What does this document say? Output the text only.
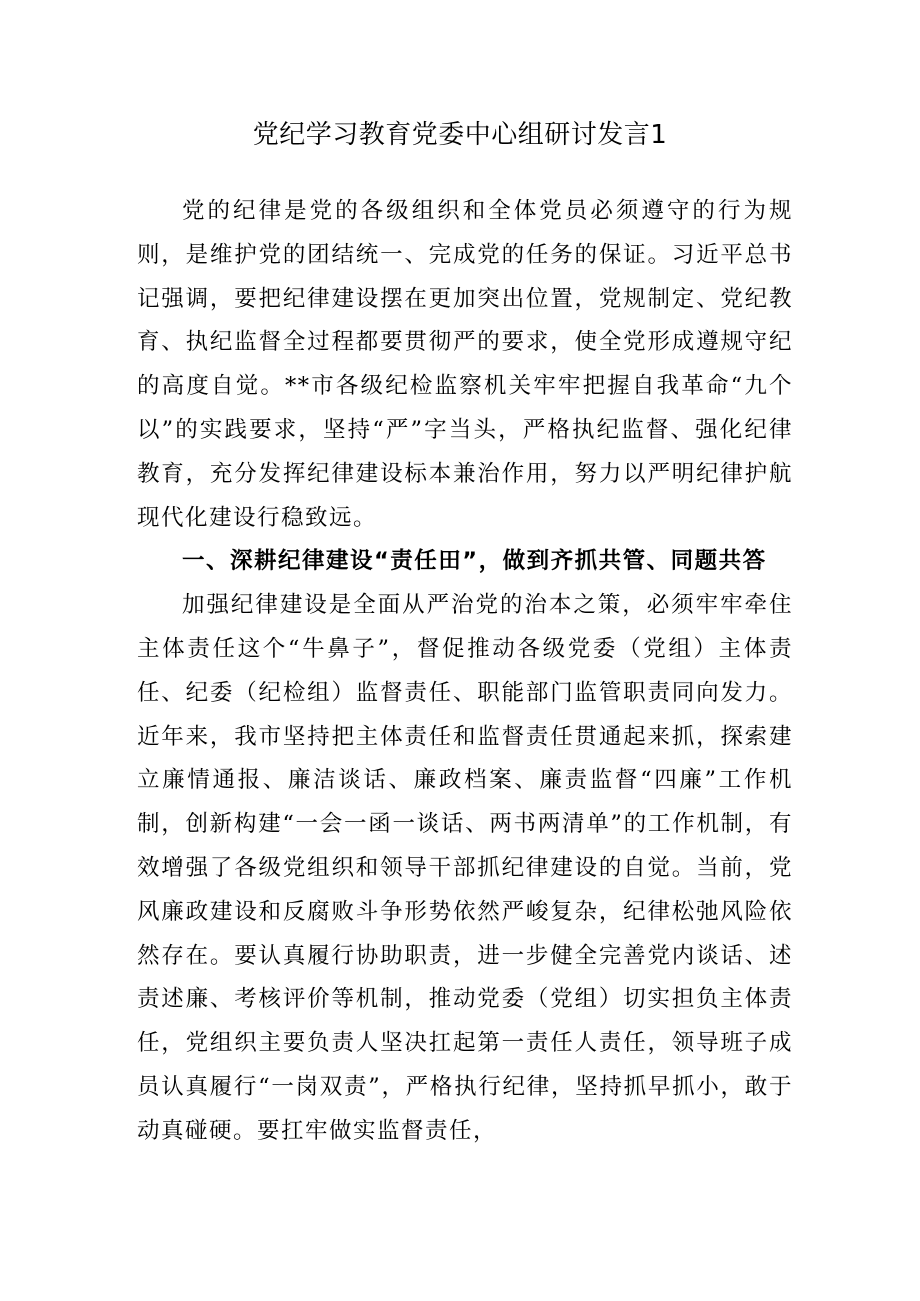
党纪学习教育党委中心组研讨发言1

党的纪律是党的各级组织和全体党员必须遵守的行为规则，是维护党的团结统一、完成党的任务的保证。习近平总书记强调，要把纪律建设摆在更加突出位置，党规制定、党纪教育、执纪监督全过程都要贯彻严的要求，使全党形成遵规守纪的高度自觉。**市各级纪检监察机关牢牢把握自我革命“九个以”的实践要求，坚持“严”字当头，严格执纪监督、强化纪律教育，充分发挥纪律建设标本兼治作用，努力以严明纪律护航现代化建设行稳致远。

一、深耕纪律建设“责任田”，做到齐抓共管、同题共答

加强纪律建设是全面从严治党的治本之策，必须牢牢牵住主体责任这个“牛鼻子”，督促推动各级党委（党组）主体责任、纪委（纪检组）监督责任、职能部门监管职责同向发力。近年来，我市坚持把主体责任和监督责任贯通起来抓，探索建立廉情通报、廉洁谈话、廉政档案、廉责监督“四廉”工作机制，创新构建“一会一函一谈话、两书两清单”的工作机制，有效增强了各级党组织和领导干部抓纪律建设的自觉。当前，党风廉政建设和反腐败斗争形势依然严峻复杂，纪律松弛风险依然存在。要认真履行协助职责，进一步健全完善党内谈话、述责述廉、考核评价等机制，推动党委（党组）切实担负主体责任，党组织主要负责人坚决扛起第一责任人责任，领导班子成员认真履行“一岗双责”，严格执行纪律，坚持抓早抓小，敢于动真碰硬。要扛牢做实监督责任，
